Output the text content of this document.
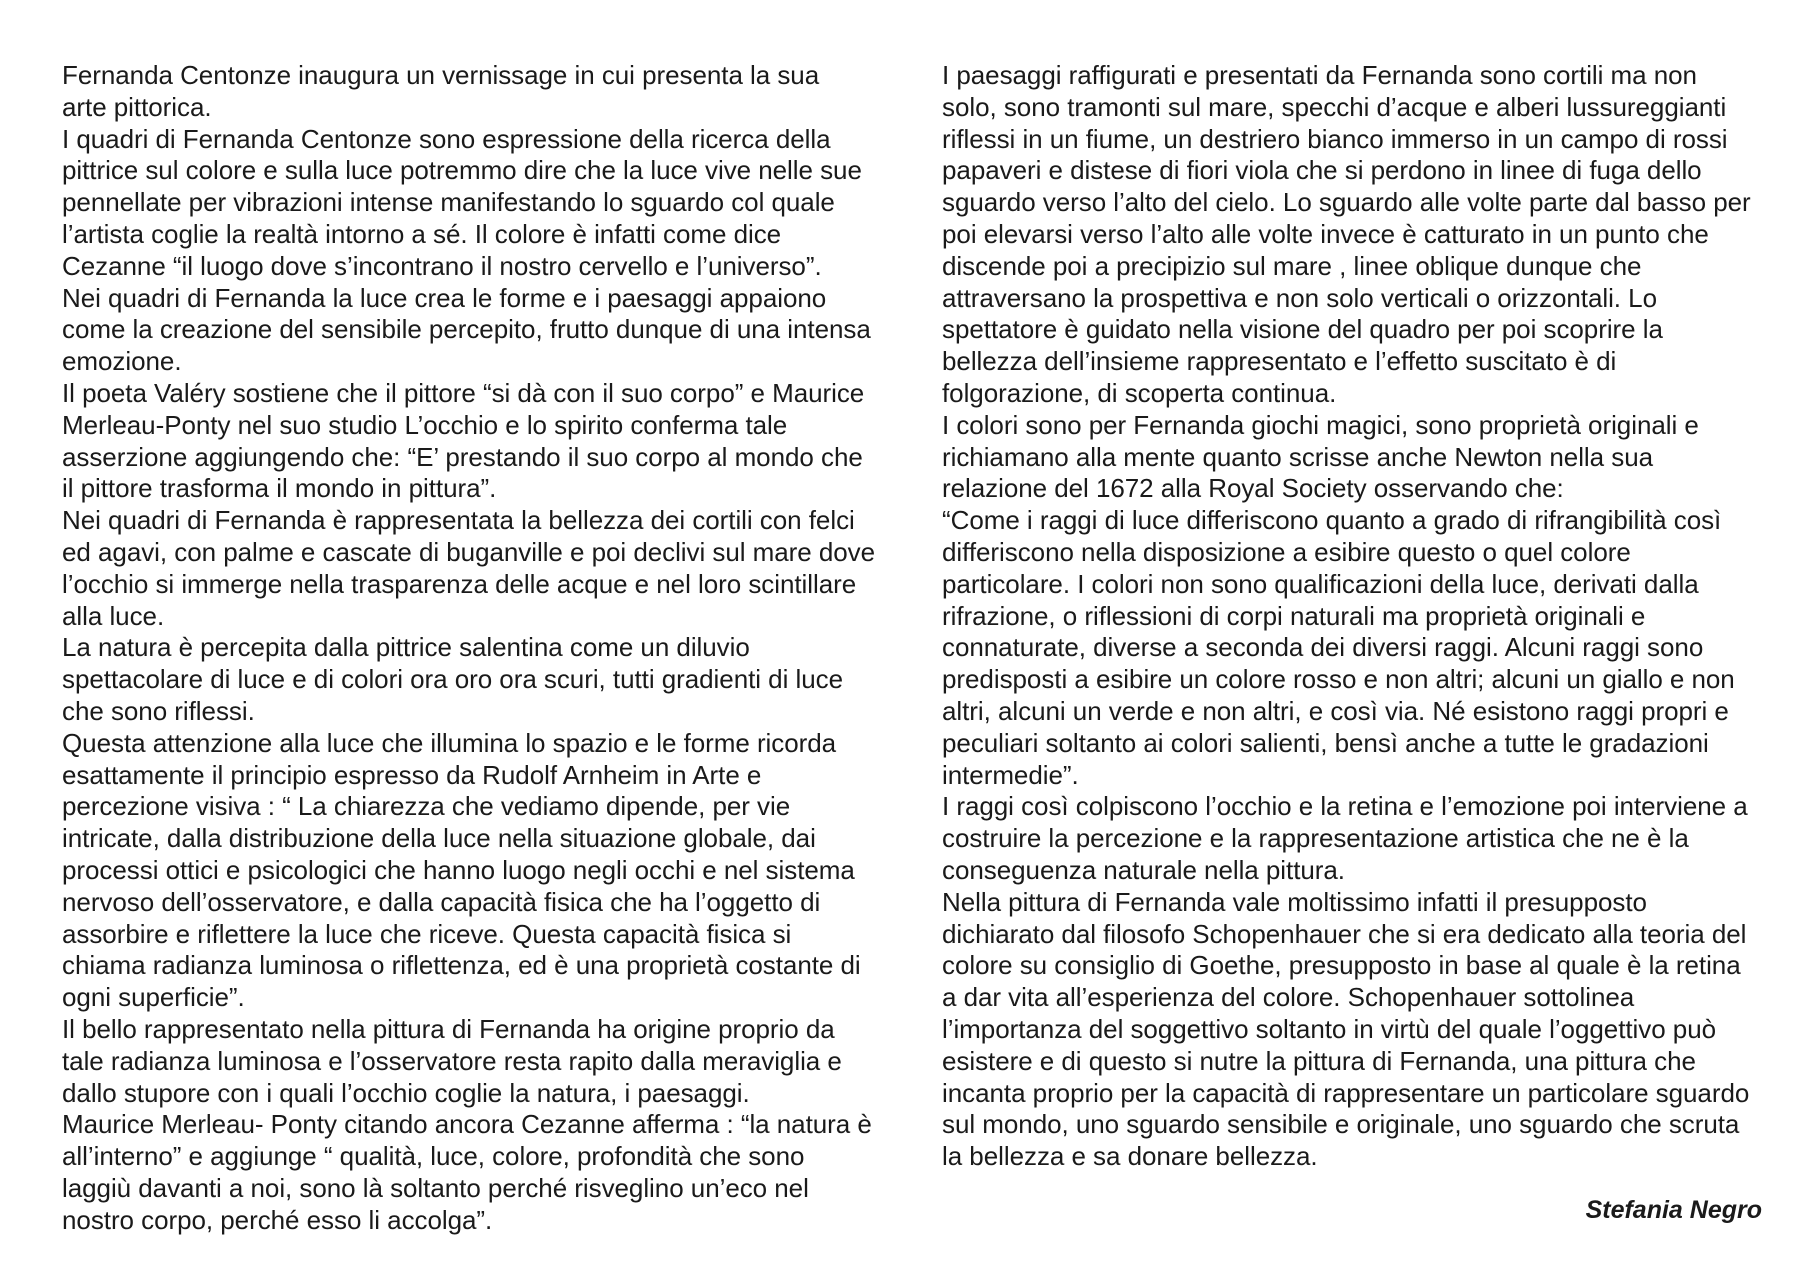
Fernanda Centonze inaugura un vernissage in cui presenta la sua
arte pittorica.
I quadri di Fernanda Centonze sono espressione della ricerca della
pittrice sul colore e sulla luce potremmo dire che la luce vive nelle sue
pennellate per vibrazioni intense manifestando lo sguardo col quale
l’artista coglie la realtà intorno a sé. Il colore è infatti come dice
Cezanne “il luogo dove s’incontrano il nostro cervello e l’universo”.
Nei quadri di Fernanda la luce crea le forme e i paesaggi appaiono
come la creazione del sensibile percepito, frutto dunque di una intensa
emozione.
Il poeta Valéry sostiene che il pittore “si dà con il suo corpo” e Maurice
Merleau-Ponty nel suo studio L’occhio e lo spirito conferma tale
asserzione aggiungendo che: “E’ prestando il suo corpo al mondo che
il pittore trasforma il mondo in pittura”.
Nei quadri di Fernanda è rappresentata la bellezza dei cortili con felci
ed agavi, con palme e cascate di buganville e poi declivi sul mare dove
l’occhio si immerge nella trasparenza delle acque e nel loro scintillare
alla luce.
La natura è percepita dalla pittrice salentina come un diluvio
spettacolare di luce e di colori ora oro ora scuri, tutti gradienti di luce
che sono riflessi.
Questa attenzione alla luce che illumina lo spazio e le forme ricorda
esattamente il principio espresso da Rudolf Arnheim in Arte e
percezione visiva : “ La chiarezza che vediamo dipende, per vie
intricate, dalla distribuzione della luce nella situazione globale, dai
processi ottici e psicologici che hanno luogo negli occhi e nel sistema
nervoso dell’osservatore, e dalla capacità fisica che ha l’oggetto di
assorbire e riflettere la luce che riceve. Questa capacità fisica si
chiama radianza luminosa o riflettenza, ed è una proprietà costante di
ogni superficie”.
Il bello rappresentato nella pittura di Fernanda ha origine proprio da
tale radianza luminosa e l’osservatore resta rapito dalla meraviglia e
dallo stupore con i quali l’occhio coglie la natura, i paesaggi.
Maurice Merleau- Ponty citando ancora Cezanne afferma : “la natura è
all’interno” e aggiunge “ qualità, luce, colore, profondità che sono
laggiù davanti a noi, sono là soltanto perché risveglino un’eco nel
nostro corpo, perché esso li accolga”.
I paesaggi raffigurati e presentati da Fernanda sono cortili ma non
solo, sono tramonti sul mare, specchi d’acque e alberi lussureggianti
riflessi in un fiume, un destriero bianco immerso in un campo di rossi
papaveri e distese di fiori viola che si perdono in linee di fuga dello
sguardo verso l’alto del cielo. Lo sguardo alle volte parte dal basso per
poi elevarsi verso l’alto alle volte invece è catturato in un punto che
discende poi a precipizio sul mare , linee oblique dunque che
attraversano la prospettiva e non solo verticali o orizzontali. Lo
spettatore è guidato nella visione del quadro per poi scoprire la
bellezza dell’insieme rappresentato e l’effetto suscitato è di
folgorazione, di scoperta continua.
I colori sono per Fernanda giochi magici, sono proprietà originali e
richiamano alla mente quanto scrisse anche Newton nella sua
relazione del 1672 alla Royal Society osservando che:
“Come i raggi di luce differiscono quanto a grado di rifrangibilità così
differiscono nella disposizione a esibire questo o quel colore
particolare. I colori non sono qualificazioni della luce, derivati dalla
rifrazione, o riflessioni di corpi naturali ma proprietà originali e
connaturate, diverse a seconda dei diversi raggi. Alcuni raggi sono
predisposti a esibire un colore rosso e non altri; alcuni un giallo e non
altri, alcuni un verde e non altri, e così via. Né esistono raggi propri e
peculiari soltanto ai colori salienti, bensì anche a tutte le gradazioni
intermedie”.
I raggi così colpiscono l’occhio e la retina e l’emozione poi interviene a
costruire la percezione e la rappresentazione artistica che ne è la
conseguenza naturale nella pittura.
Nella pittura di Fernanda vale moltissimo infatti il presupposto
dichiarato dal filosofo Schopenhauer che si era dedicato alla teoria del
colore su consiglio di Goethe, presupposto in base al quale è la retina
a dar vita all’esperienza del colore. Schopenhauer sottolinea
l’importanza del soggettivo soltanto in virtù del quale l’oggettivo può
esistere e di questo si nutre la pittura di Fernanda, una pittura che
incanta proprio per la capacità di rappresentare un particolare sguardo
sul mondo, uno sguardo sensibile e originale, uno sguardo che scruta
la bellezza e sa donare bellezza.
Stefania Negro
